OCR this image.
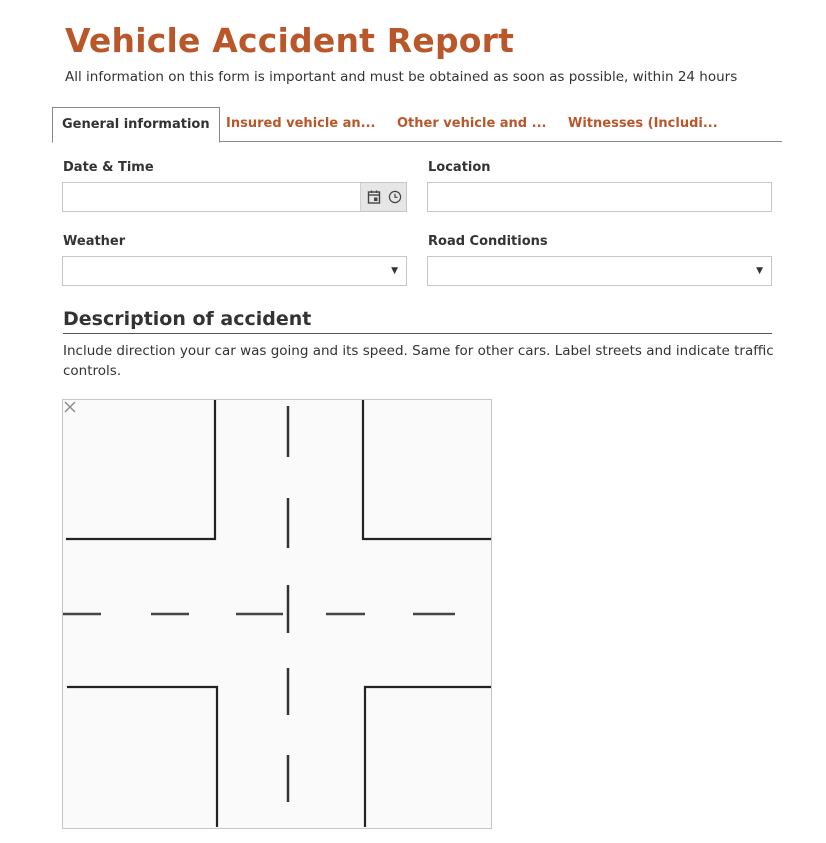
Vehicle Accident Report

All information on this form is important and must be obtained as soon as possible, within 24 hours

General information	Insured vehicle an... Other vehicle and ... Witnesses (Includi...

Date & Time	Location

Weather

▼

Road Conditions

▼
Description of accident

Include direction your car was going and its speed. Same for other cars. Label streets and indicate traffic controls.
